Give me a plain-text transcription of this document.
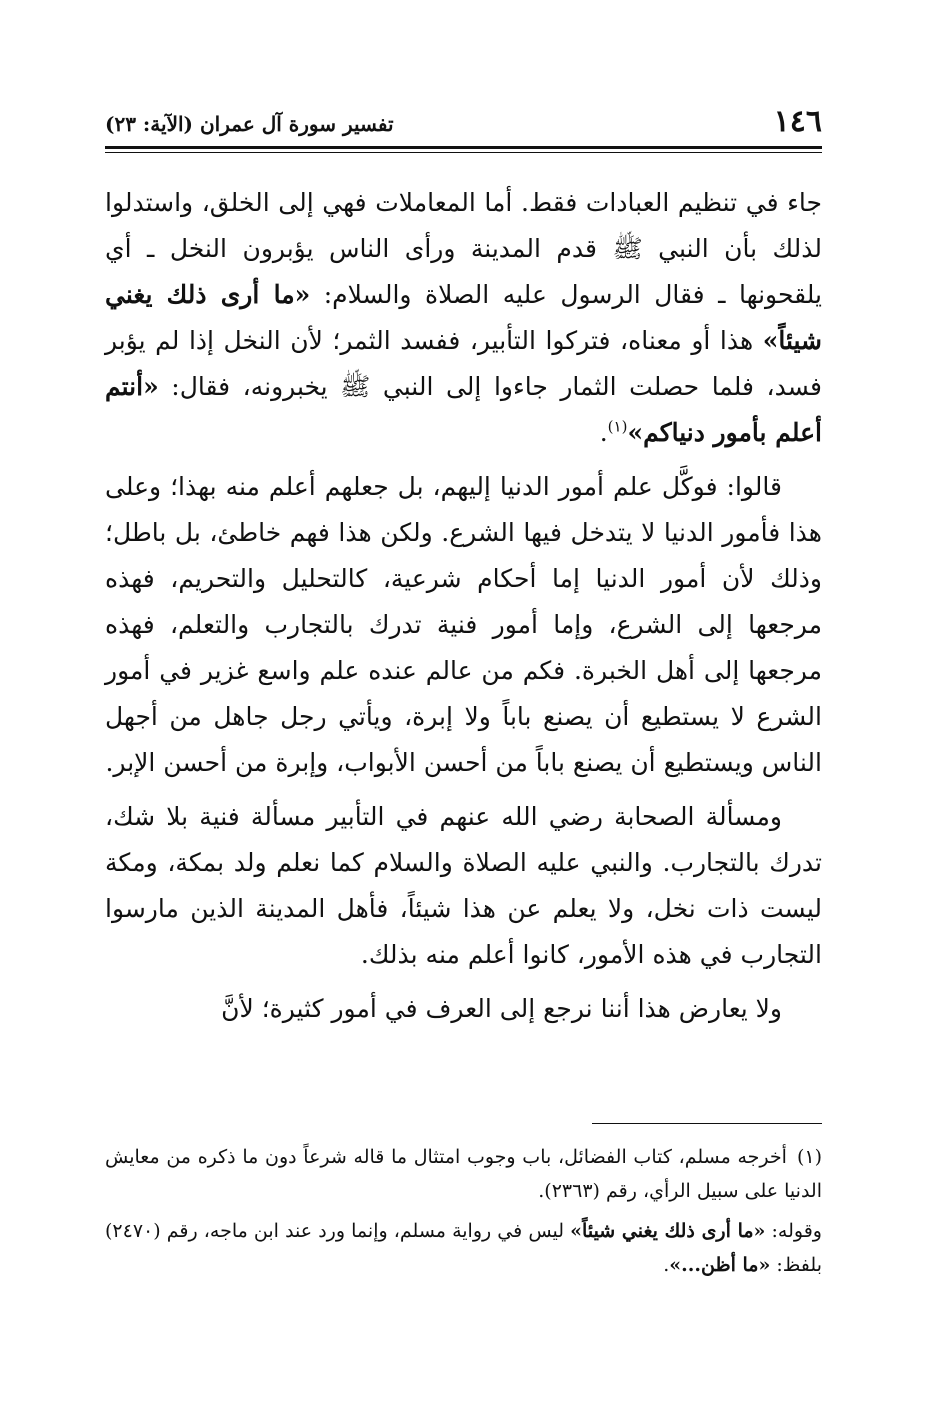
١٤٦
تفسير سورة آل عمران (الآية: ٢٣)

جاء في تنظيم العبادات فقط. أما المعاملات فهي إلى الخلق، واستدلوا لذلك بأن النبي ﷺ قدم المدينة ورأى الناس يؤبرون النخل ـ أي يلقحونها ـ فقال الرسول عليه الصلاة والسلام: «ما أرى ذلك يغني شيئاً» هذا أو معناه، فتركوا التأبير، ففسد الثمر؛ لأن النخل إذا لم يؤبر فسد، فلما حصلت الثمار جاءوا إلى النبي ﷺ يخبرونه، فقال: «أنتم أعلم بأمور دنياكم»$^{(١)}$.

قالوا: فوكَّل علم أمور الدنيا إليهم، بل جعلهم أعلم منه بهذا؛ وعلى هذا فأمور الدنيا لا يتدخل فيها الشرع. ولكن هذا فهم خاطئ، بل باطل؛ وذلك لأن أمور الدنيا إما أحكام شرعية، كالتحليل والتحريم، فهذه مرجعها إلى الشرع، وإما أمور فنية تدرك بالتجارب والتعلم، فهذه مرجعها إلى أهل الخبرة. فكم من عالم عنده علم واسع غزير في أمور الشرع لا يستطيع أن يصنع باباً ولا إبرة، ويأتي رجل جاهل من أجهل الناس ويستطيع أن يصنع باباً من أحسن الأبواب، وإبرة من أحسن الإبر.

ومسألة الصحابة رضي الله عنهم في التأبير مسألة فنية بلا شك، تدرك بالتجارب. والنبي عليه الصلاة والسلام كما نعلم ولد بمكة، ومكة ليست ذات نخل، ولا يعلم عن هذا شيئاً، فأهل المدينة الذين مارسوا التجارب في هذه الأمور، كانوا أعلم منه بذلك.

ولا يعارض هذا أننا نرجع إلى العرف في أمور كثيرة؛ لأنَّ

(١)أخرجه مسلم، كتاب الفضائل، باب وجوب امتثال ما قاله شرعاً دون ما ذكره من معايش الدنيا على سبيل الرأي، رقم (٢٣٦٣).

وقوله: «ما أرى ذلك يغني شيئاً» ليس في رواية مسلم، وإنما ورد عند ابن ماجه، رقم (٢٤٧٠) بلفظ: «ما أظن...».
